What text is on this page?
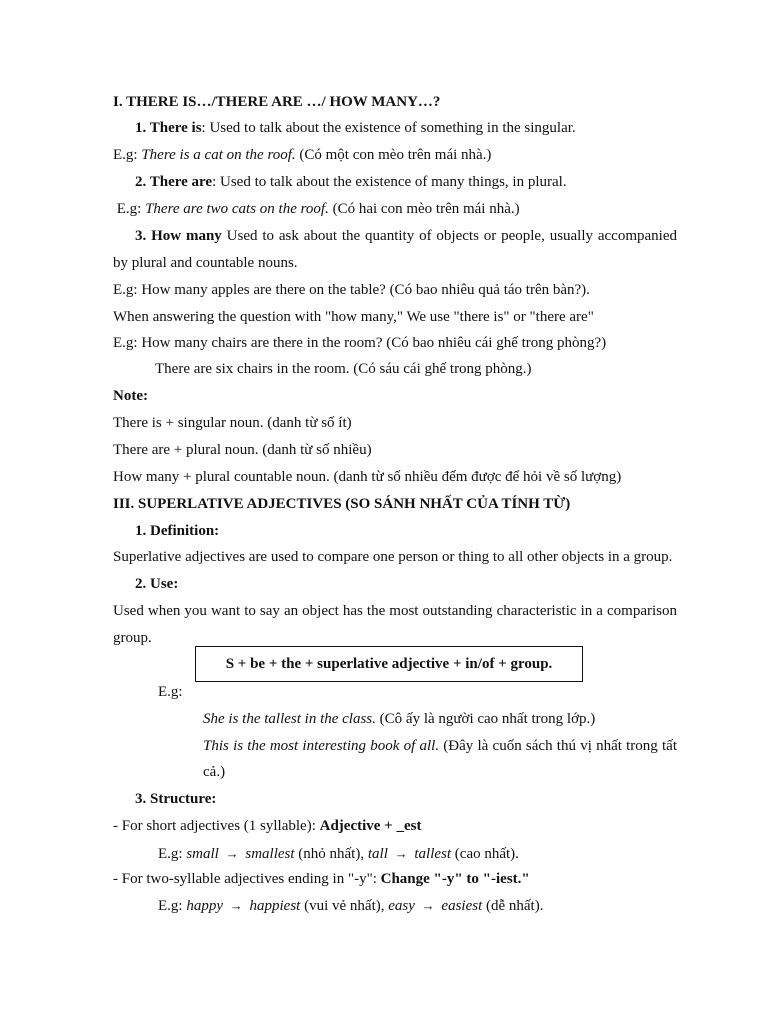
I. THERE IS…/THERE ARE …/ HOW MANY…?
1. There is: Used to talk about the existence of something in the singular.
E.g: There is a cat on the roof. (Có một con mèo trên mái nhà.)
2. There are: Used to talk about the existence of many things, in plural.
E.g: There are two cats on the roof. (Có hai con mèo trên mái nhà.)
3. How many Used to ask about the quantity of objects or people, usually accompanied
by plural and countable nouns.
E.g: How many apples are there on the table? (Có bao nhiêu quả táo trên bàn?).
When answering the question with "how many," We use "there is" or "there are"
E.g: How many chairs are there in the room? (Có bao nhiêu cái ghế trong phòng?)
There are six chairs in the room. (Có sáu cái ghế trong phòng.)
Note:
There is + singular noun. (danh từ số ít)
There are + plural noun. (danh từ số nhiều)
How many + plural countable noun. (danh từ số nhiều đếm được để hỏi về số lượng)
III. SUPERLATIVE ADJECTIVES (SO SÁNH NHẤT CỦA TÍNH TỪ)
1. Definition:
Superlative adjectives are used to compare one person or thing to all other objects in a group.
2. Use:
Used when you want to say an object has the most outstanding characteristic in a comparison
group.
S + be + the + superlative adjective + in/of + group.
E.g:
She is the tallest in the class. (Cô ấy là người cao nhất trong lớp.)
This is the most interesting book of all. (Đây là cuốn sách thú vị nhất trong tất
cả.)
3. Structure:
- For short adjectives (1 syllable): Adjective + _est
E.g: small → smallest (nhỏ nhất), tall → tallest (cao nhất).
- For two-syllable adjectives ending in "-y": Change "-y" to "-iest."
E.g: happy → happiest (vui vẻ nhất), easy → easiest (dễ nhất).
